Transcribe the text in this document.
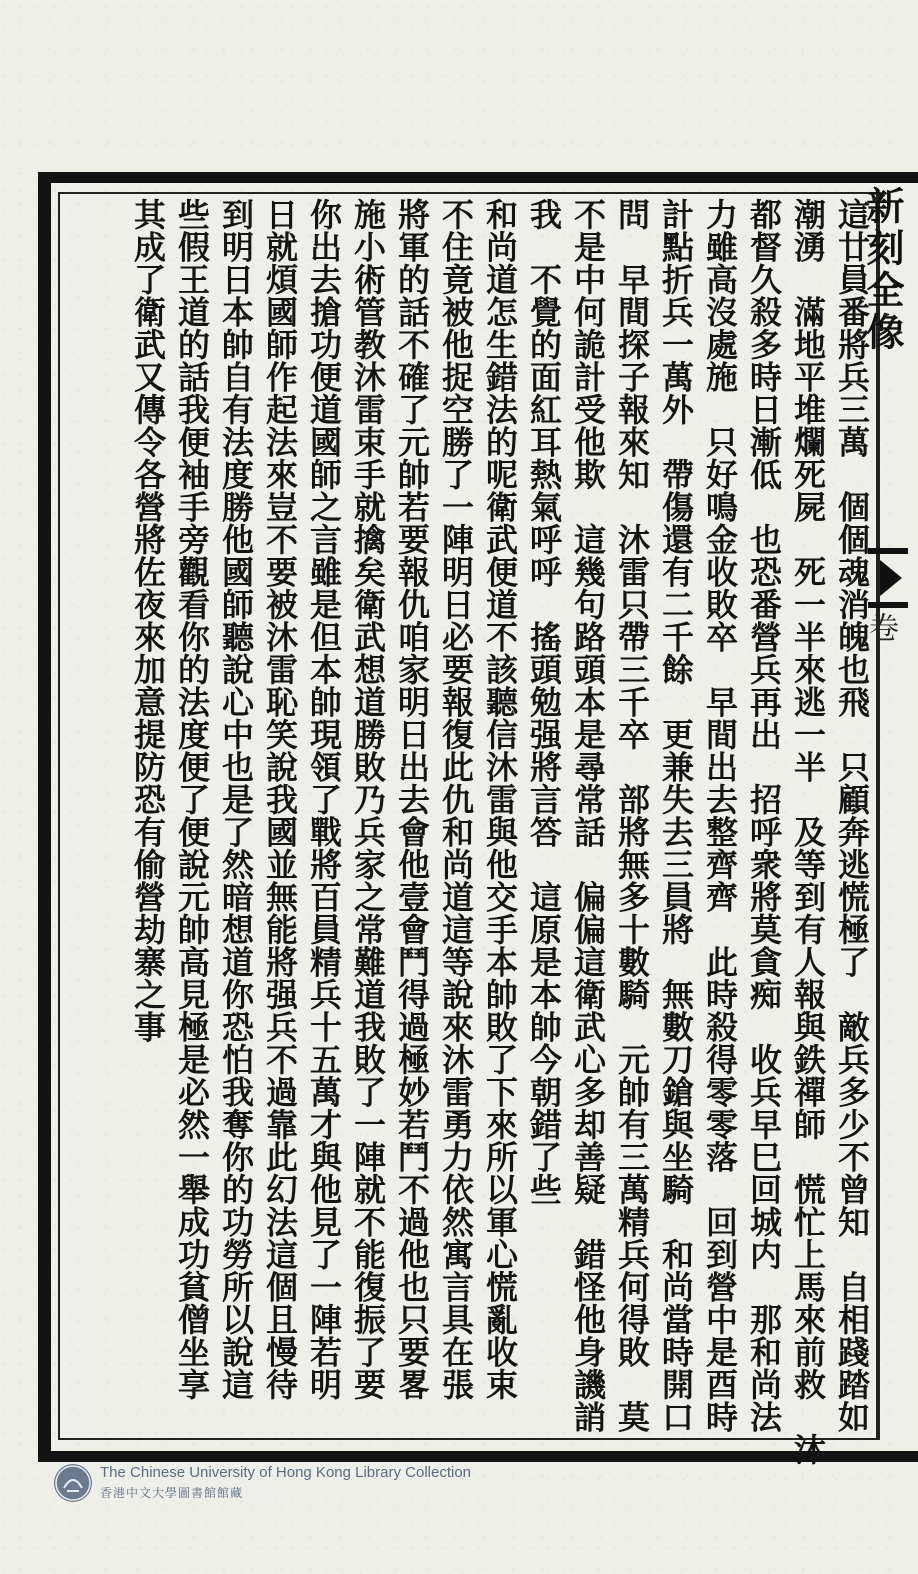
卷
這廿員番將兵三萬　個個魂消魄也飛　只顧奔逃慌極了　敵兵多少不曾知　自相踐踏如
潮湧　滿地平堆爛死屍　死一半來逃一半　及等到有人報與鉄禪師　慌忙上馬來前救　沐
都督久殺多時日漸低　也恐番營兵再出　招呼衆將莫貪痴　收兵早巳回城内　那和尚法
力雖高沒處施　只好鳴金收敗卒　早間出去整齊齊　此時殺得零零落　回到營中是酉時
計點折兵一萬外　帶傷還有二千餘　更兼失去三員將　無數刀鎗與坐騎　和尚當時開口
問　早間探子報來知　沐雷只帶三千卒　部將無多十數騎　元帥有三萬精兵何得敗　莫
不是中何詭計受他欺　這幾句路頭本是尋常話　偏偏這衛武心多却善疑　錯怪他身譏誚
我　不覺的面紅耳熱氣呼呼　搖頭勉强將言答　這原是本帥今朝錯了些
和尚道怎生錯法的呢衛武便道不該聽信沐雷與他交手本帥敗了下來所以軍心慌亂收束
不住竟被他捉空勝了一陣明日必要報復此仇和尚道這等說來沐雷勇力依然寓言具在張
將軍的話不確了元帥若要報仇咱家明日出去會他壹會鬥得過極妙若鬥不過他也只要畧
施小術管教沐雷束手就擒矣衛武想道勝敗乃兵家之常難道我敗了一陣就不能復振了要
你出去搶功便道國師之言雖是但本帥現領了戰將百員精兵十五萬才與他見了一陣若明
日就煩國師作起法來豈不要被沐雷恥笑說我國並無能將强兵不過靠此幻法這個且慢待
到明日本帥自有法度勝他國師聽說心中也是了然暗想道你恐怕我奪你的功勞所以說這
些假王道的話我便袖手旁觀看你的法度便了便說元帥高見極是必然一舉成功貧僧坐享
其成了衛武又傳令各營將佐夜來加意提防恐有偷營劫寨之事
The Chinese University of Hong Kong Library Collection
香港中文大學圖書館館藏
